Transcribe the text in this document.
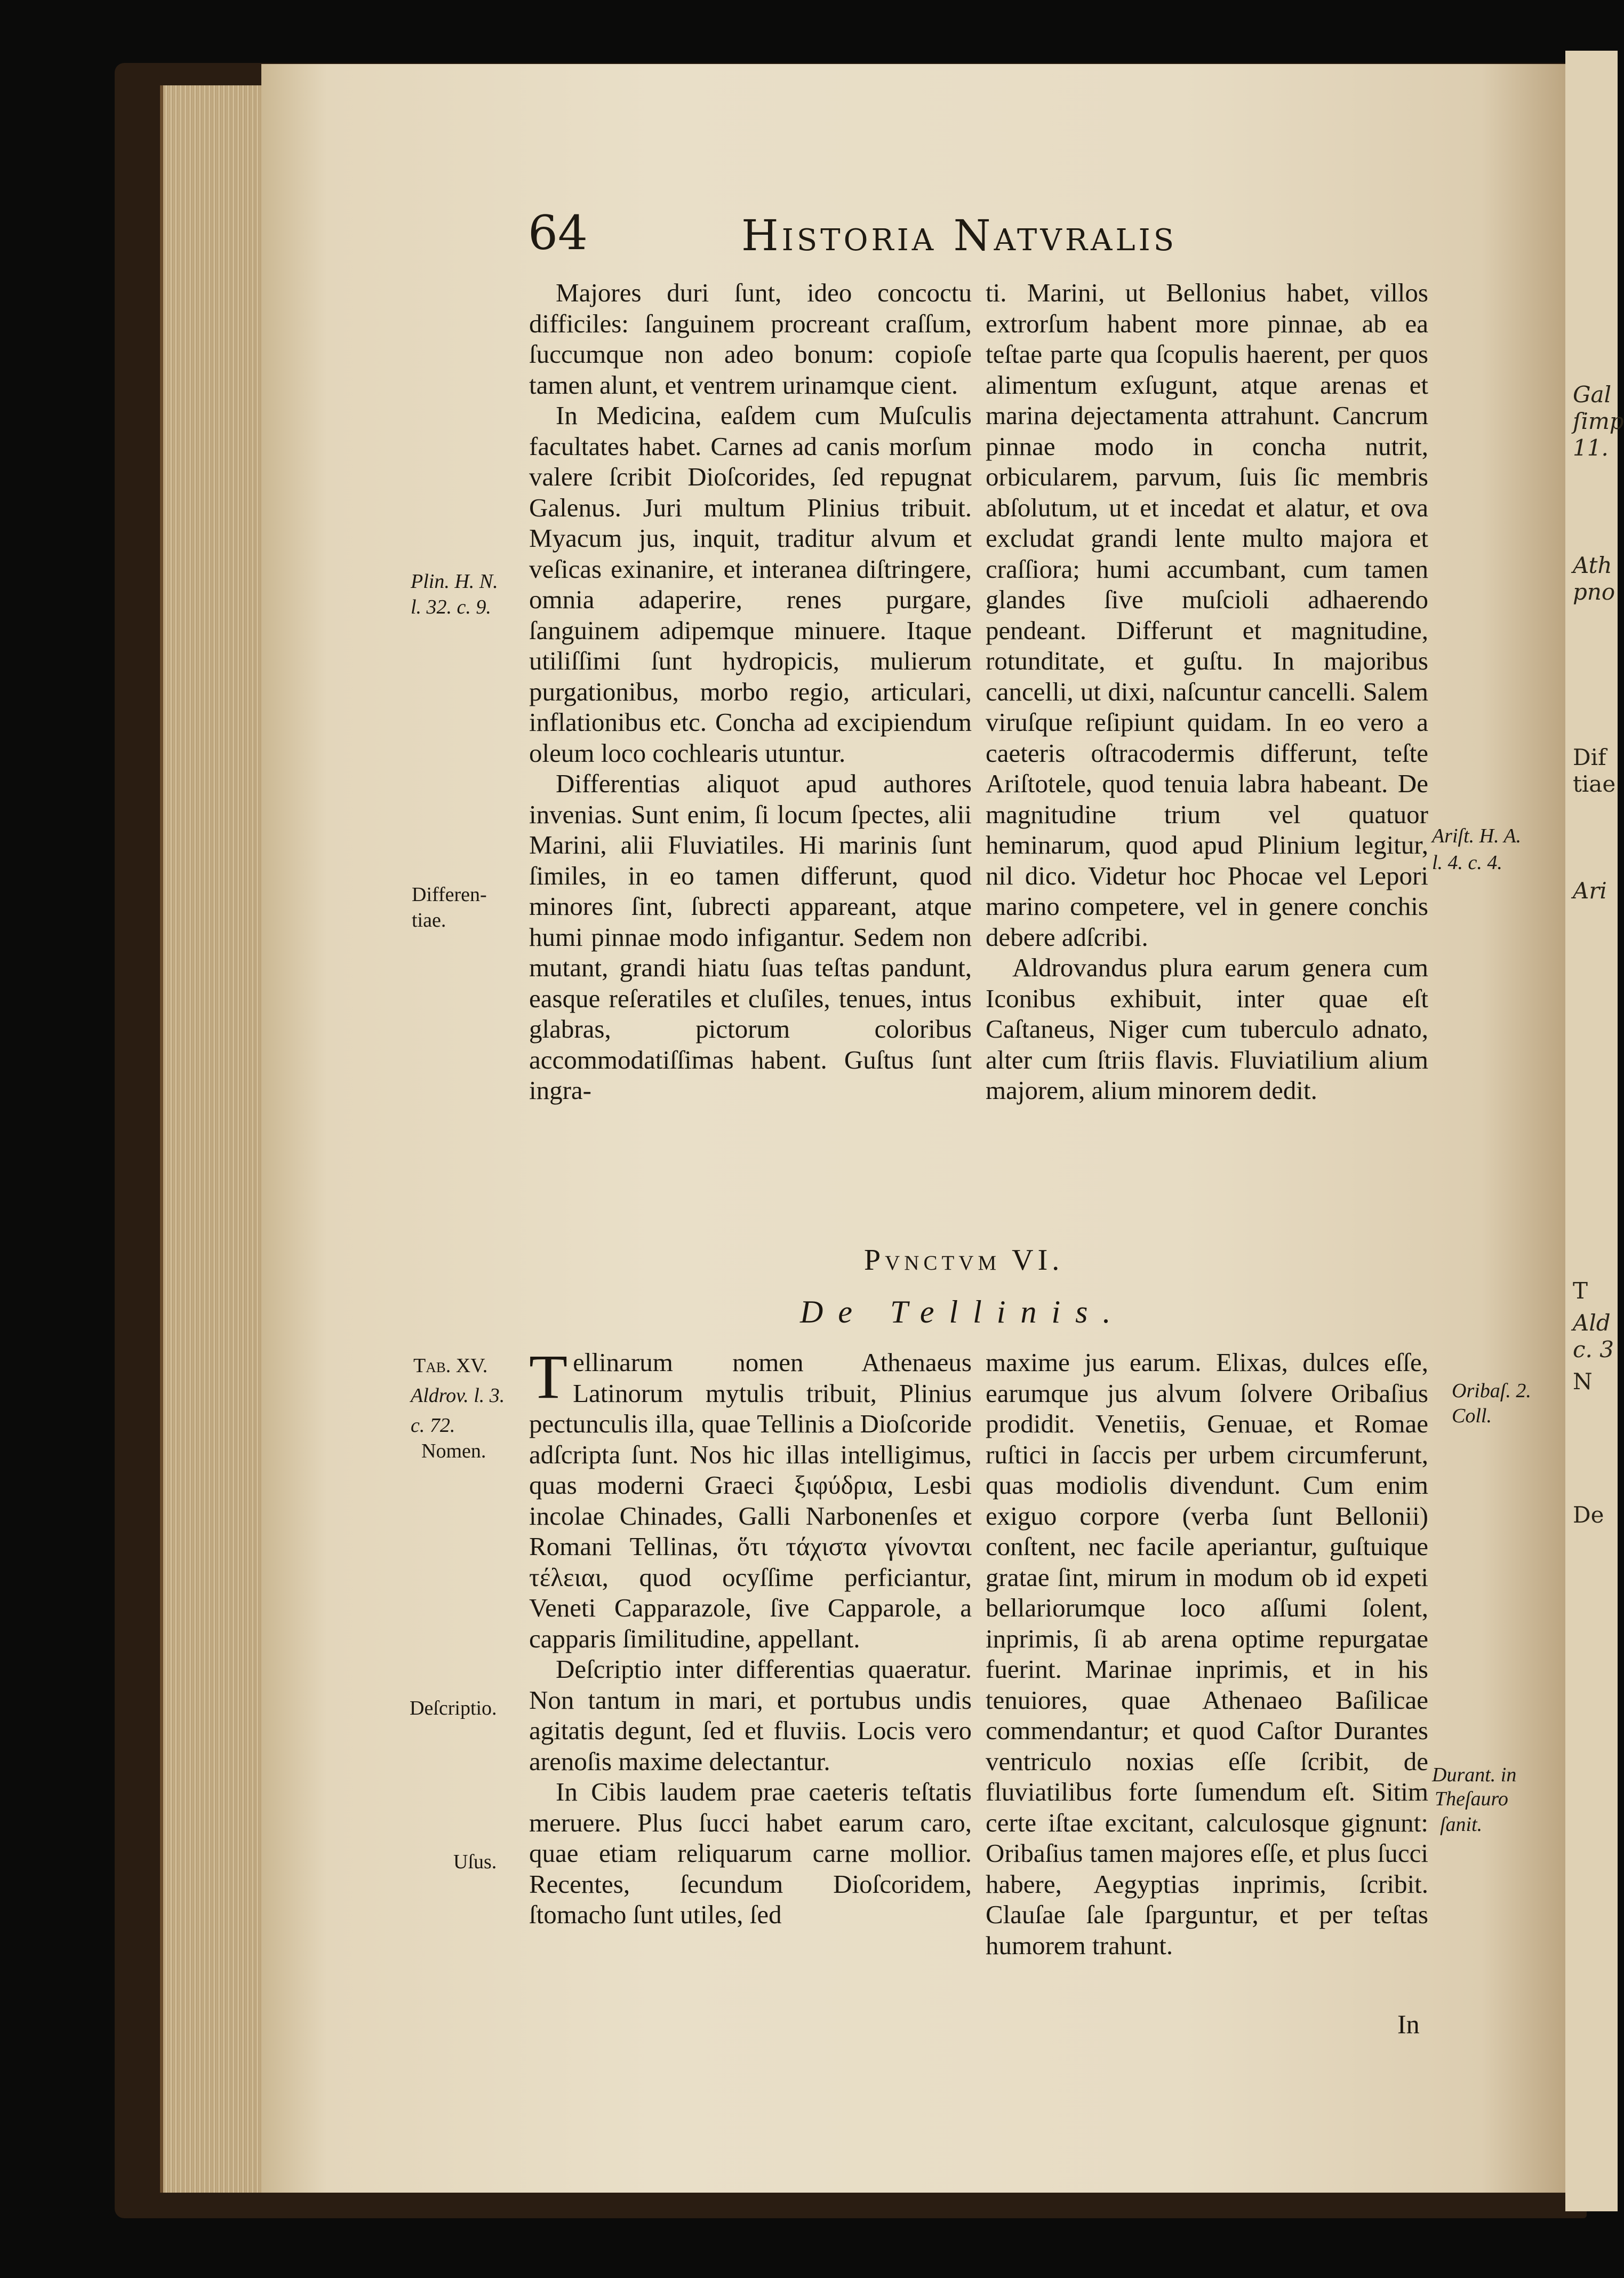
Gal
ſimp
11.
Ath
pno
Dif
tiae
Ari
T
Ald
c. 3
N
De
64	Historia Natvralis

Majores duri ſunt, ideo concoctu difficiles: ſanguinem procreant craſſum, ſuccumque non adeo bonum: copioſe tamen alunt, et ventrem urinamque cient.

In Medicina, eaſdem cum Muſculis facultates habet. Carnes ad canis morſum valere ſcribit Dioſcorides, ſed repugnat Galenus. Juri multum Plinius tribuit. Myacum jus, inquit, traditur alvum et veſicas exinanire, et interanea diſtringere, omnia adaperire, renes purgare, ſanguinem adipemque minuere. Itaque utiliſſimi ſunt hydropicis, mulierum purgationibus, morbo regio, articulari, inflationibus etc. Concha ad excipiendum oleum loco cochlearis utuntur.

Differentias aliquot apud authores invenias. Sunt enim, ſi locum ſpectes, alii Marini, alii Fluviatiles. Hi marinis ſunt ſimiles, in eo tamen differunt, quod minores ſint, ſubrecti appareant, atque humi pinnae modo infigantur. Sedem non mutant, grandi hiatu ſuas teſtas pandunt, easque reſeratiles et cluſiles, tenues, intus glabras, pictorum coloribus accommodatiſſimas habent. Guſtus ſunt ingra-

ti. Marini, ut Bellonius habet, villos extrorſum habent more pinnae, ab ea teſtae parte qua ſcopulis haerent, per quos alimentum exſugunt, atque arenas et marina dejectamenta attrahunt. Cancrum pinnae modo in concha nutrit, orbicularem, parvum, ſuis ſic membris abſolutum, ut et incedat et alatur, et ova excludat grandi lente multo majora et craſſiora; humi accumbant, cum tamen glandes ſive muſcioli adhaerendo pendeant. Differunt et magnitudine, rotunditate, et guſtu. In majoribus cancelli, ut dixi, naſcuntur cancelli. Salem viruſque reſipiunt quidam. In eo vero a caeteris oſtracodermis differunt, teſte Ariſtotele, quod tenuia labra habeant. De magnitudine trium vel quatuor heminarum, quod apud Plinium legitur, nil dico. Videtur hoc Phocae vel Lepori marino competere, vel in genere conchis debere adſcribi.

Aldrovandus plura earum genera cum Iconibus exhibuit, inter quae eſt Caſtaneus, Niger cum tuberculo adnato, alter cum ſtriis flavis. Fluviatilium alium majorem, alium minorem dedit.

Pvnctvm VI.
De Tellinis.

Tellinarum nomen Athenaeus Latinorum mytulis tribuit, Plinius pectunculis illa, quae Tellinis a Dioſcoride adſcripta ſunt. Nos hic illas intelligimus, quas moderni Graeci ξιφύδρια, Lesbi incolae Chinades, Galli Narbonenſes et Romani Tellinas, ὅτι τάχιστα γίνονται τέλειαι, quod ocyſſime perficiantur, Veneti Capparazole, ſive Capparole, a capparis ſimilitudine, appellant.

Deſcriptio inter differentias quaeratur. Non tantum in mari, et portubus undis agitatis degunt, ſed et fluviis. Locis vero arenoſis maxime delectantur.

In Cibis laudem prae caeteris teſtatis meruere. Plus ſucci habet earum caro, quae etiam reliquarum carne mollior. Recentes, ſecundum Dioſcoridem, ſtomacho ſunt utiles, ſed

maxime jus earum. Elixas, dulces eſſe, earumque jus alvum ſolvere Oribaſius prodidit. Venetiis, Genuae, et Romae ruſtici in ſaccis per urbem circumferunt, quas modiolis divendunt. Cum enim exiguo corpore (verba ſunt Bellonii) conſtent, nec facile aperiantur, guſtuique gratae ſint, mirum in modum ob id expeti bellariorumque loco aſſumi ſolent, inprimis, ſi ab arena optime repurgatae fuerint. Marinae inprimis, et in his tenuiores, quae Athenaeo Baſilicae commendantur; et quod Caſtor Durantes ventriculo noxias eſſe ſcribit, de fluviatilibus forte ſumendum eſt. Sitim certe iſtae excitant, calculosque gignunt: Oribaſius tamen majores eſſe, et plus ſucci habere, Aegyptias inprimis, ſcribit. Clauſae ſale ſparguntur, et per teſtas humorem trahunt.

In
Plin. H. N.
l. 32. c. 9.
Differen-
tiae.
Tab. XV.
Aldrov. l. 3.
c. 72.
Nomen.
Deſcriptio.
Uſus.
Ariſt. H. A.
l. 4. c. 4.
Oribaſ. 2.
Coll.
Durant. in
Theſauro
ſanit.
